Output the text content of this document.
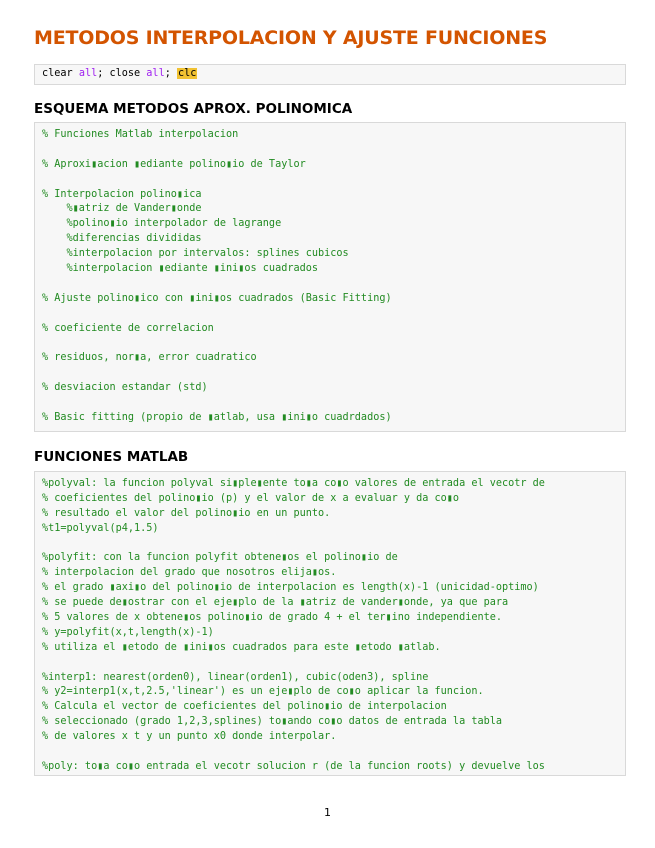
METODOS INTERPOLACION Y AJUSTE FUNCIONES
clear all; close all; clc
ESQUEMA METODOS APROX. POLINOMICA
% Funciones Matlab interpolacion
% Aproxi▮acion ▮ediante polino▮io de Taylor
% Interpolacion polino▮ica
%▮atriz de Vander▮onde
%polino▮io interpolador de lagrange
%diferencias divididas
%interpolacion por intervalos: splines cubicos
%interpolacion ▮ediante ▮ini▮os cuadrados
% Ajuste polino▮ico con ▮ini▮os cuadrados (Basic Fitting)
% coeficiente de correlacion
% residuos, nor▮a, error cuadratico
% desviacion estandar (std)
% Basic fitting (propio de ▮atlab, usa ▮ini▮o cuadrdados)
FUNCIONES MATLAB
%polyval: la funcion polyval si▮ple▮ente to▮a co▮o valores de entrada el vecotr de
% coeficientes del polino▮io (p) y el valor de x a evaluar y da co▮o
% resultado el valor del polino▮io en un punto.
%t1=polyval(p4,1.5)
%polyfit: con la funcion polyfit obtene▮os el polino▮io de
% interpolacion del grado que nosotros elija▮os.
% el grado ▮axi▮o del polino▮io de interpolacion es length(x)-1 (unicidad-optimo)
% se puede de▮ostrar con el eje▮plo de la ▮atriz de vander▮onde, ya que para
% 5 valores de x obtene▮os polino▮io de grado 4 + el ter▮ino independiente.
% y=polyfit(x,t,length(x)-1)
% utiliza el ▮etodo de ▮ini▮os cuadrados para este ▮etodo ▮atlab.
%interp1: nearest(orden0), linear(orden1), cubic(oden3), spline
% y2=interp1(x,t,2.5,'linear') es un eje▮plo de co▮o aplicar la funcion.
% Calcula el vector de coeficientes del polino▮io de interpolacion
% seleccionado (grado 1,2,3,splines) to▮ando co▮o datos de entrada la tabla
% de valores x t y un punto x0 donde interpolar.
%poly: to▮a co▮o entrada el vecotr solucion r (de la funcion roots) y devuelve los
1
